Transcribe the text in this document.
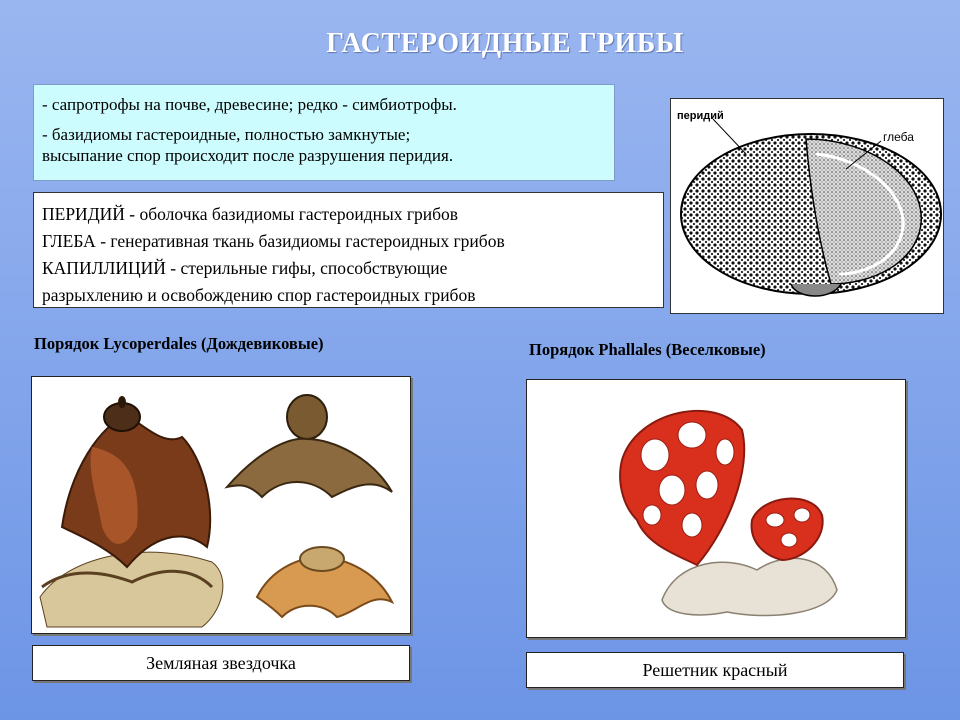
ГАСТЕРОИДНЫЕ ГРИБЫ

- сапротрофы на почве, древесине; редко - симбиотрофы.

- базидиомы гастероидные, полностью замкнутые;
высыпание спор происходит после разрушения перидия.
ПЕРИДИЙ - оболочка базидиомы гастероидных грибов
ГЛЕБА - генеративная ткань базидиомы гастероидных грибов
КАПИЛЛИЦИЙ - стерильные гифы, способствующие
разрыхлению и освобождению спор гастероидных грибов
перидий
глеба
Порядок Lycoperdales (Дождевиковые)	Порядок Phallales (Веселковые)
Земляная звездочка	Решетник красный
